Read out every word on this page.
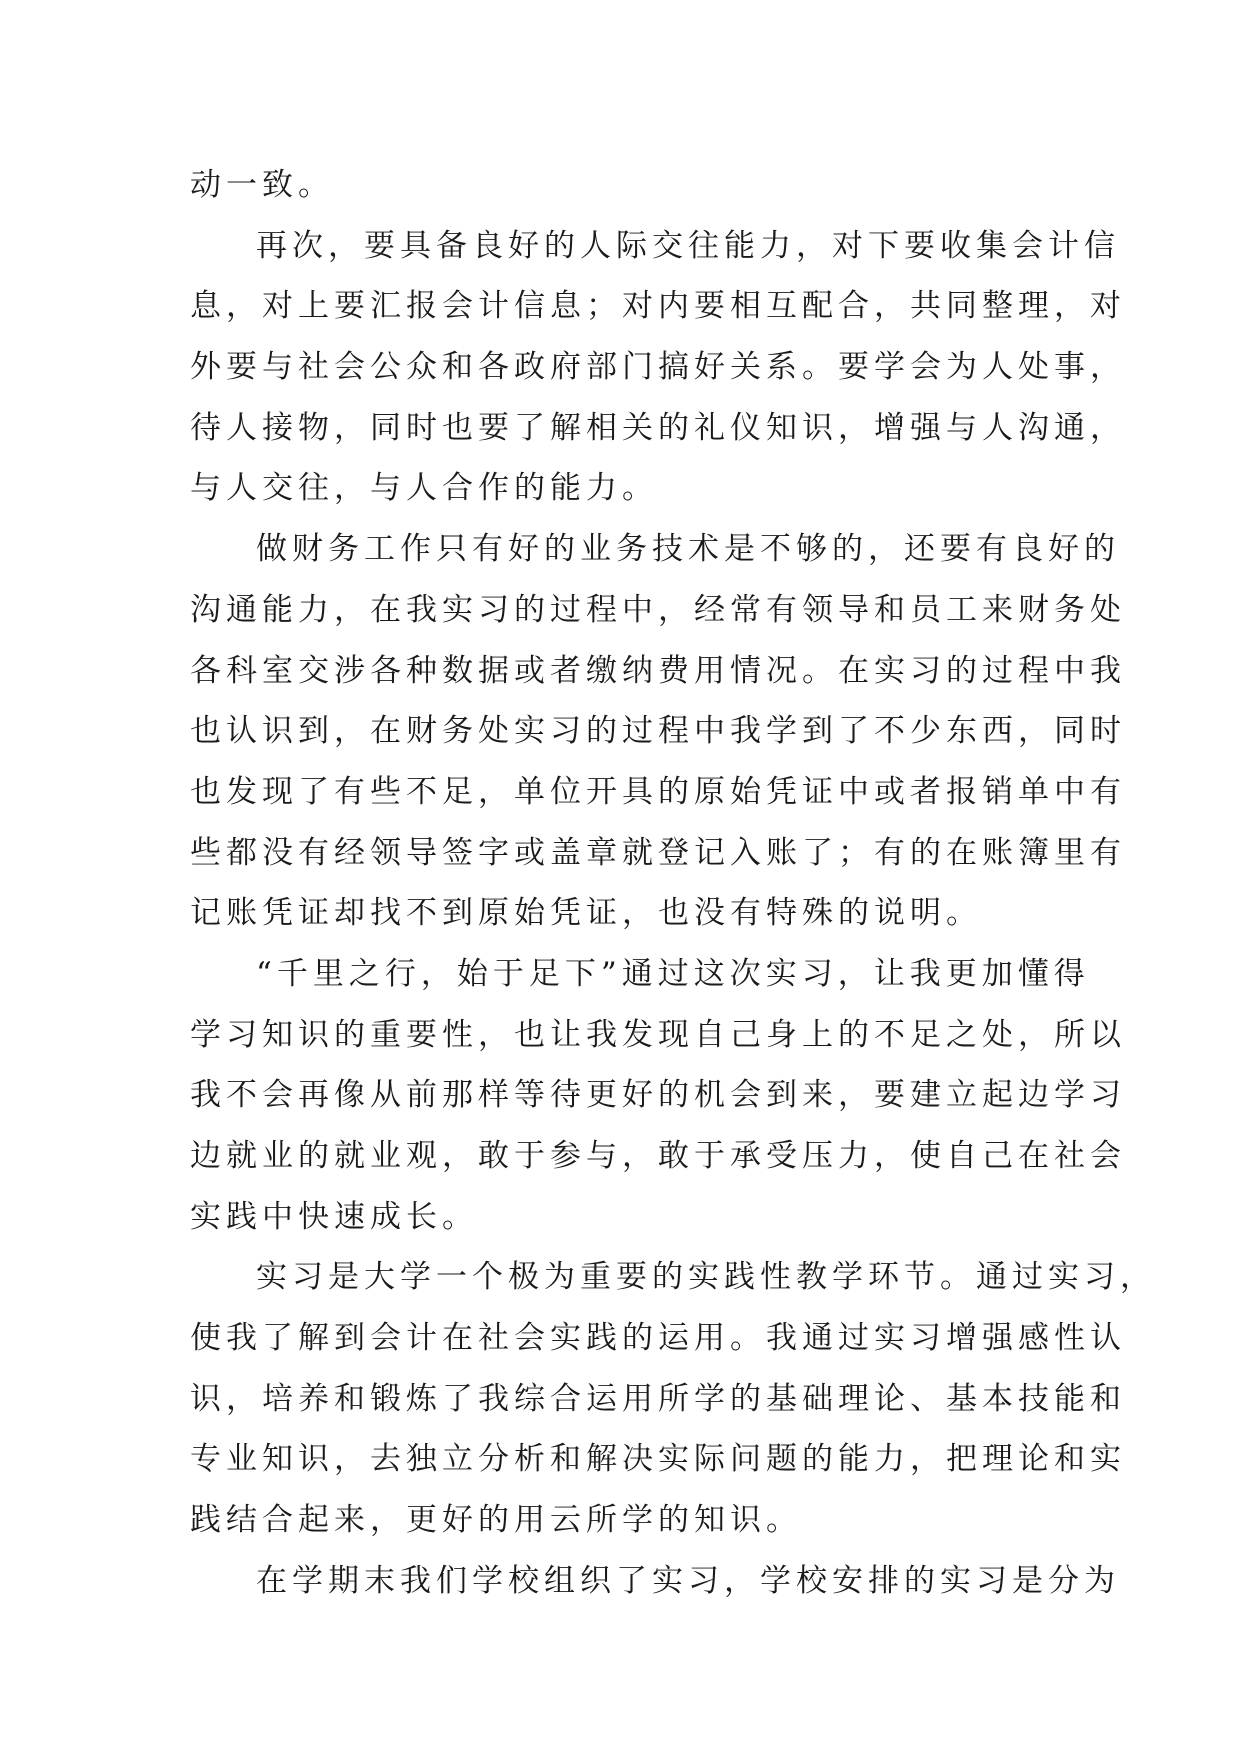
动一致。
再次，要具备良好的人际交往能力，对下要收集会计信
息，对上要汇报会计信息；对内要相互配合，共同整理，对
外要与社会公众和各政府部门搞好关系。要学会为人处事，
待人接物，同时也要了解相关的礼仪知识，增强与人沟通，
与人交往，与人合作的能力。
做财务工作只有好的业务技术是不够的，还要有良好的
沟通能力，在我实习的过程中，经常有领导和员工来财务处
各科室交涉各种数据或者缴纳费用情况。在实习的过程中我
也认识到，在财务处实习的过程中我学到了不少东西，同时
也发现了有些不足，单位开具的原始凭证中或者报销单中有
些都没有经领导签字或盖章就登记入账了；有的在账簿里有
记账凭证却找不到原始凭证，也没有特殊的说明。
“千里之行，始于足下”通过这次实习，让我更加懂得
学习知识的重要性，也让我发现自己身上的不足之处，所以
我不会再像从前那样等待更好的机会到来，要建立起边学习
边就业的就业观，敢于参与，敢于承受压力，使自己在社会
实践中快速成长。
实习是大学一个极为重要的实践性教学环节。通过实习，
使我了解到会计在社会实践的运用。我通过实习增强感性认
识，培养和锻炼了我综合运用所学的基础理论、基本技能和
专业知识，去独立分析和解决实际问题的能力，把理论和实
践结合起来，更好的用云所学的知识。
在学期末我们学校组织了实习，学校安排的实习是分为
